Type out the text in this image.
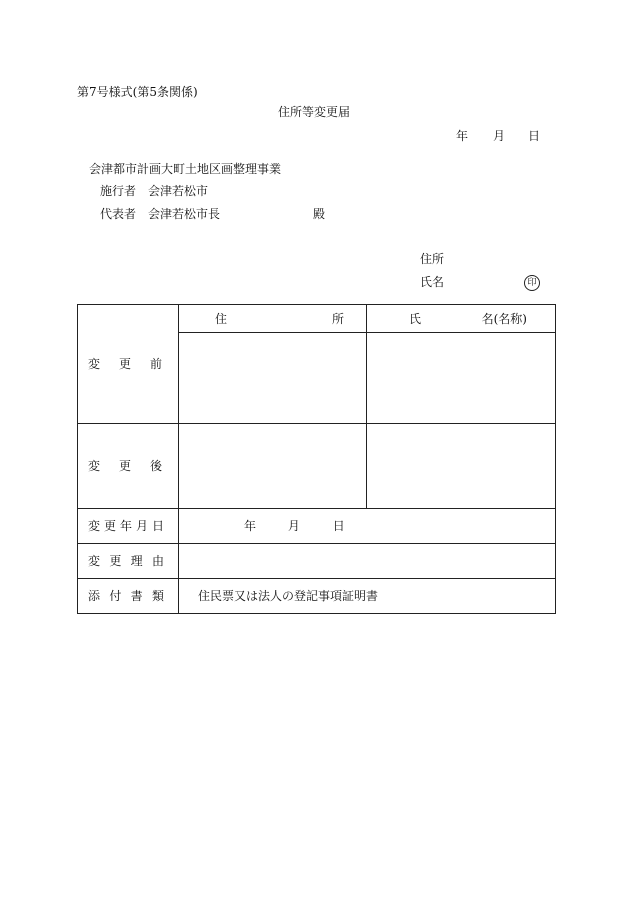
第7号様式(第5条関係)
住所等変更届
年 月 日
会津都市計画大町土地区画整理事業
施行者 会津若松市
代表者 会津若松市長	殿
住所
氏名	印
変 更 前	住 所	氏 名(名称)

変 更 後		

変 更 年 月 日	年 月 日	

変 更 理 由		

添 付 書 類	住民票又は法人の登記事項証明書	
